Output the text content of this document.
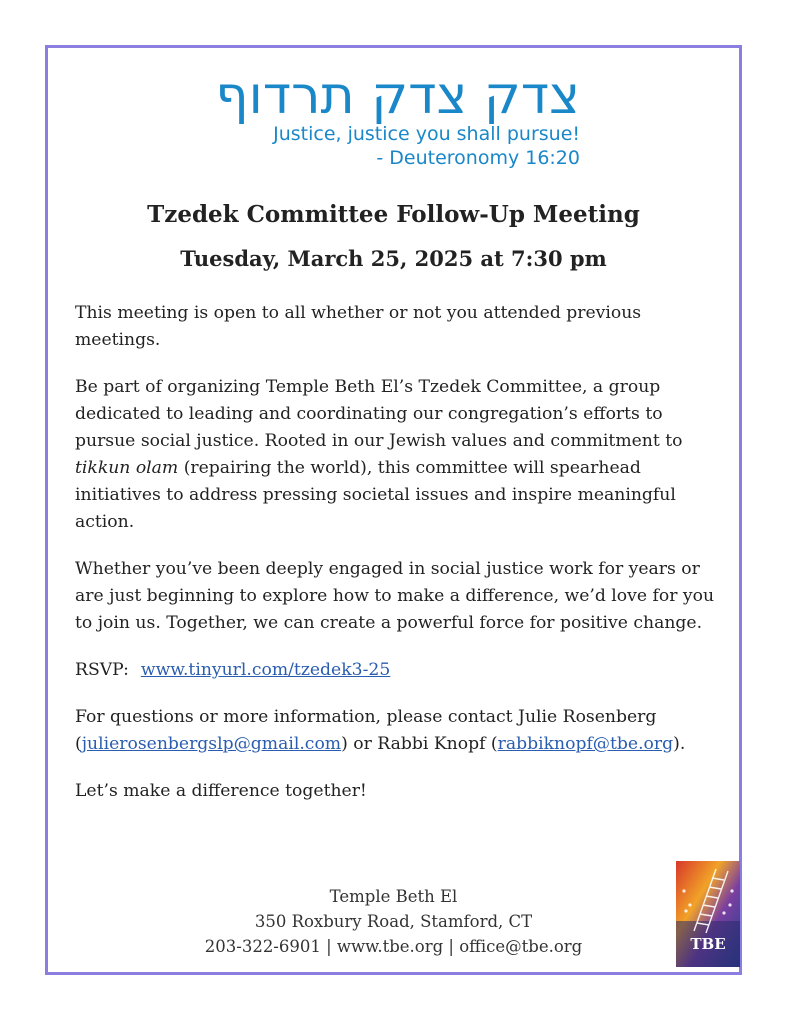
צדק צדק תרדוף
Justice, justice you shall pursue!
- Deuteronomy 16:20
Tzedek Committee Follow-Up Meeting
Tuesday, March 25, 2025 at 7:30 pm

This meeting is open to all whether or not you attended previous meetings.

Be part of organizing Temple Beth El’s Tzedek Committee, a group dedicated to leading and coordinating our congregation’s efforts to pursue social justice. Rooted in our Jewish values and commitment to tikkun olam (repairing the world), this committee will spearhead initiatives to address pressing societal issues and inspire meaningful action.

Whether you’ve been deeply engaged in social justice work for years or are just beginning to explore how to make a difference, we’d love for you to join us. Together, we can create a powerful force for positive change.

RSVP: www.tinyurl.com/tzedek3-25

For questions or more information, please contact Julie Rosenberg (julierosenbergslp@gmail.com) or Rabbi Knopf (rabbiknopf@tbe.org).

Let’s make a difference together!

Temple Beth El
350 Roxbury Road, Stamford, CT
203-322-6901 | www.tbe.org | office@tbe.org	TBE
